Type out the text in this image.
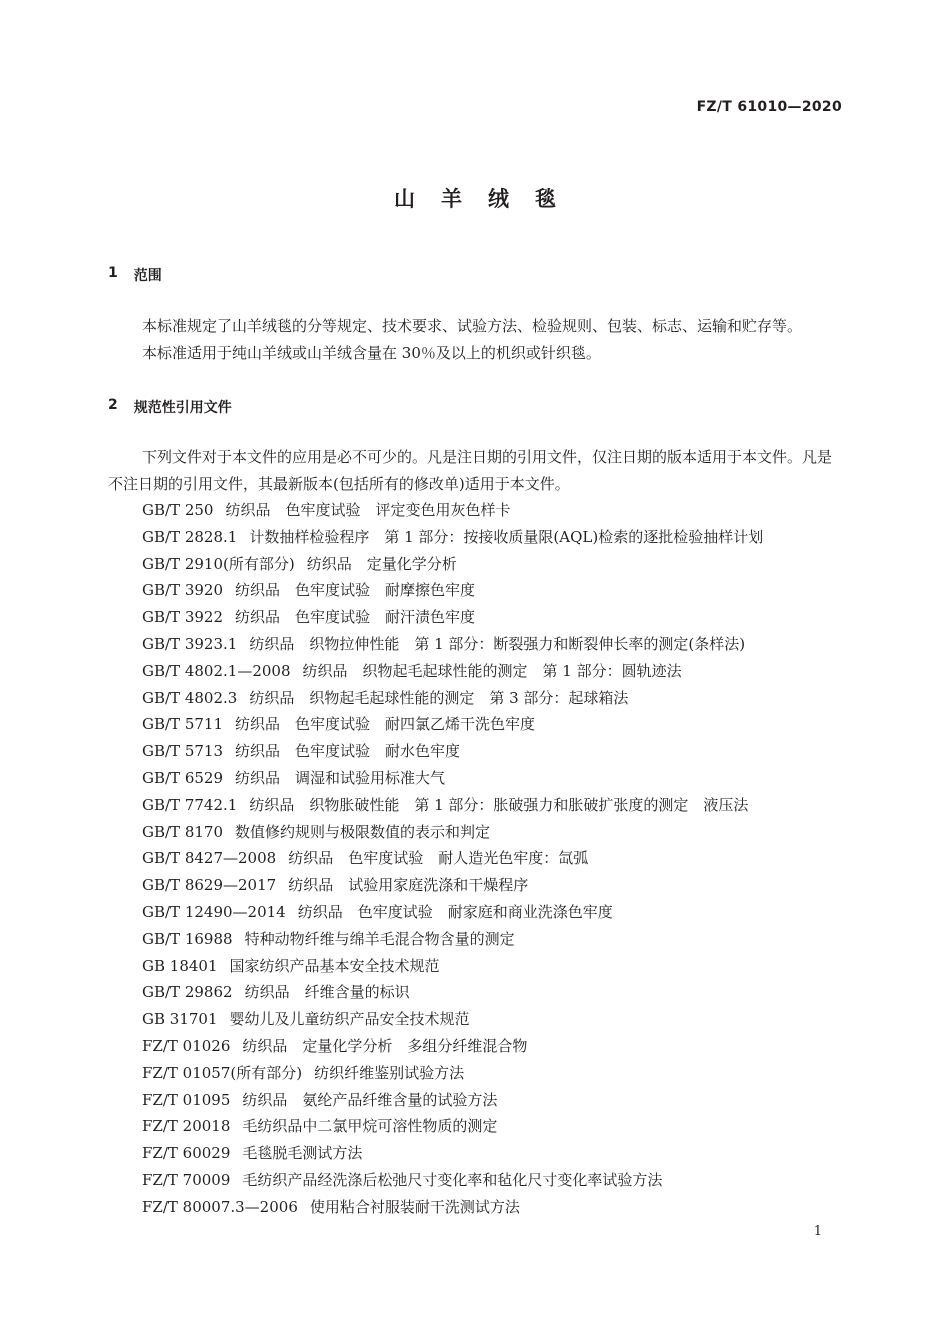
FZ/T 61010—2020
山羊绒毯
1 范围
本标准规定了山羊绒毯的分等规定、技术要求、试验方法、检验规则、包装、标志、运输和贮存等。
本标准适用于纯山羊绒或山羊绒含量在 30％及以上的机织或针织毯。
2 规范性引用文件
下列文件对于本文件的应用是必不可少的。凡是注日期的引用文件，仅注日期的版本适用于本文件。凡是不注日期的引用文件，其最新版本(包括所有的修改单)适用于本文件。
GB/T 250 纺织品　色牢度试验　评定变色用灰色样卡
GB/T 2828.1 计数抽样检验程序　第 1 部分：按接收质量限(AQL)检索的逐批检验抽样计划
GB/T 2910(所有部分) 纺织品　定量化学分析
GB/T 3920 纺织品　色牢度试验　耐摩擦色牢度
GB/T 3922 纺织品　色牢度试验　耐汗渍色牢度
GB/T 3923.1 纺织品　织物拉伸性能　第 1 部分：断裂强力和断裂伸长率的测定(条样法)
GB/T 4802.1—2008 纺织品　织物起毛起球性能的测定　第 1 部分：圆轨迹法
GB/T 4802.3 纺织品　织物起毛起球性能的测定　第 3 部分：起球箱法
GB/T 5711 纺织品　色牢度试验　耐四氯乙烯干洗色牢度
GB/T 5713 纺织品　色牢度试验　耐水色牢度
GB/T 6529 纺织品　调湿和试验用标准大气
GB/T 7742.1 纺织品　织物胀破性能　第 1 部分：胀破强力和胀破扩张度的测定　液压法
GB/T 8170 数值修约规则与极限数值的表示和判定
GB/T 8427—2008 纺织品　色牢度试验　耐人造光色牢度：氙弧
GB/T 8629—2017 纺织品　试验用家庭洗涤和干燥程序
GB/T 12490—2014 纺织品　色牢度试验　耐家庭和商业洗涤色牢度
GB/T 16988 特种动物纤维与绵羊毛混合物含量的测定
GB 18401 国家纺织产品基本安全技术规范
GB/T 29862 纺织品　纤维含量的标识
GB 31701 婴幼儿及儿童纺织产品安全技术规范
FZ/T 01026 纺织品　定量化学分析　多组分纤维混合物
FZ/T 01057(所有部分) 纺织纤维鉴别试验方法
FZ/T 01095 纺织品　氨纶产品纤维含量的试验方法
FZ/T 20018 毛纺织品中二氯甲烷可溶性物质的测定
FZ/T 60029 毛毯脱毛测试方法
FZ/T 70009 毛纺织产品经洗涤后松弛尺寸变化率和毡化尺寸变化率试验方法
FZ/T 80007.3—2006 使用粘合衬服装耐干洗测试方法
1
